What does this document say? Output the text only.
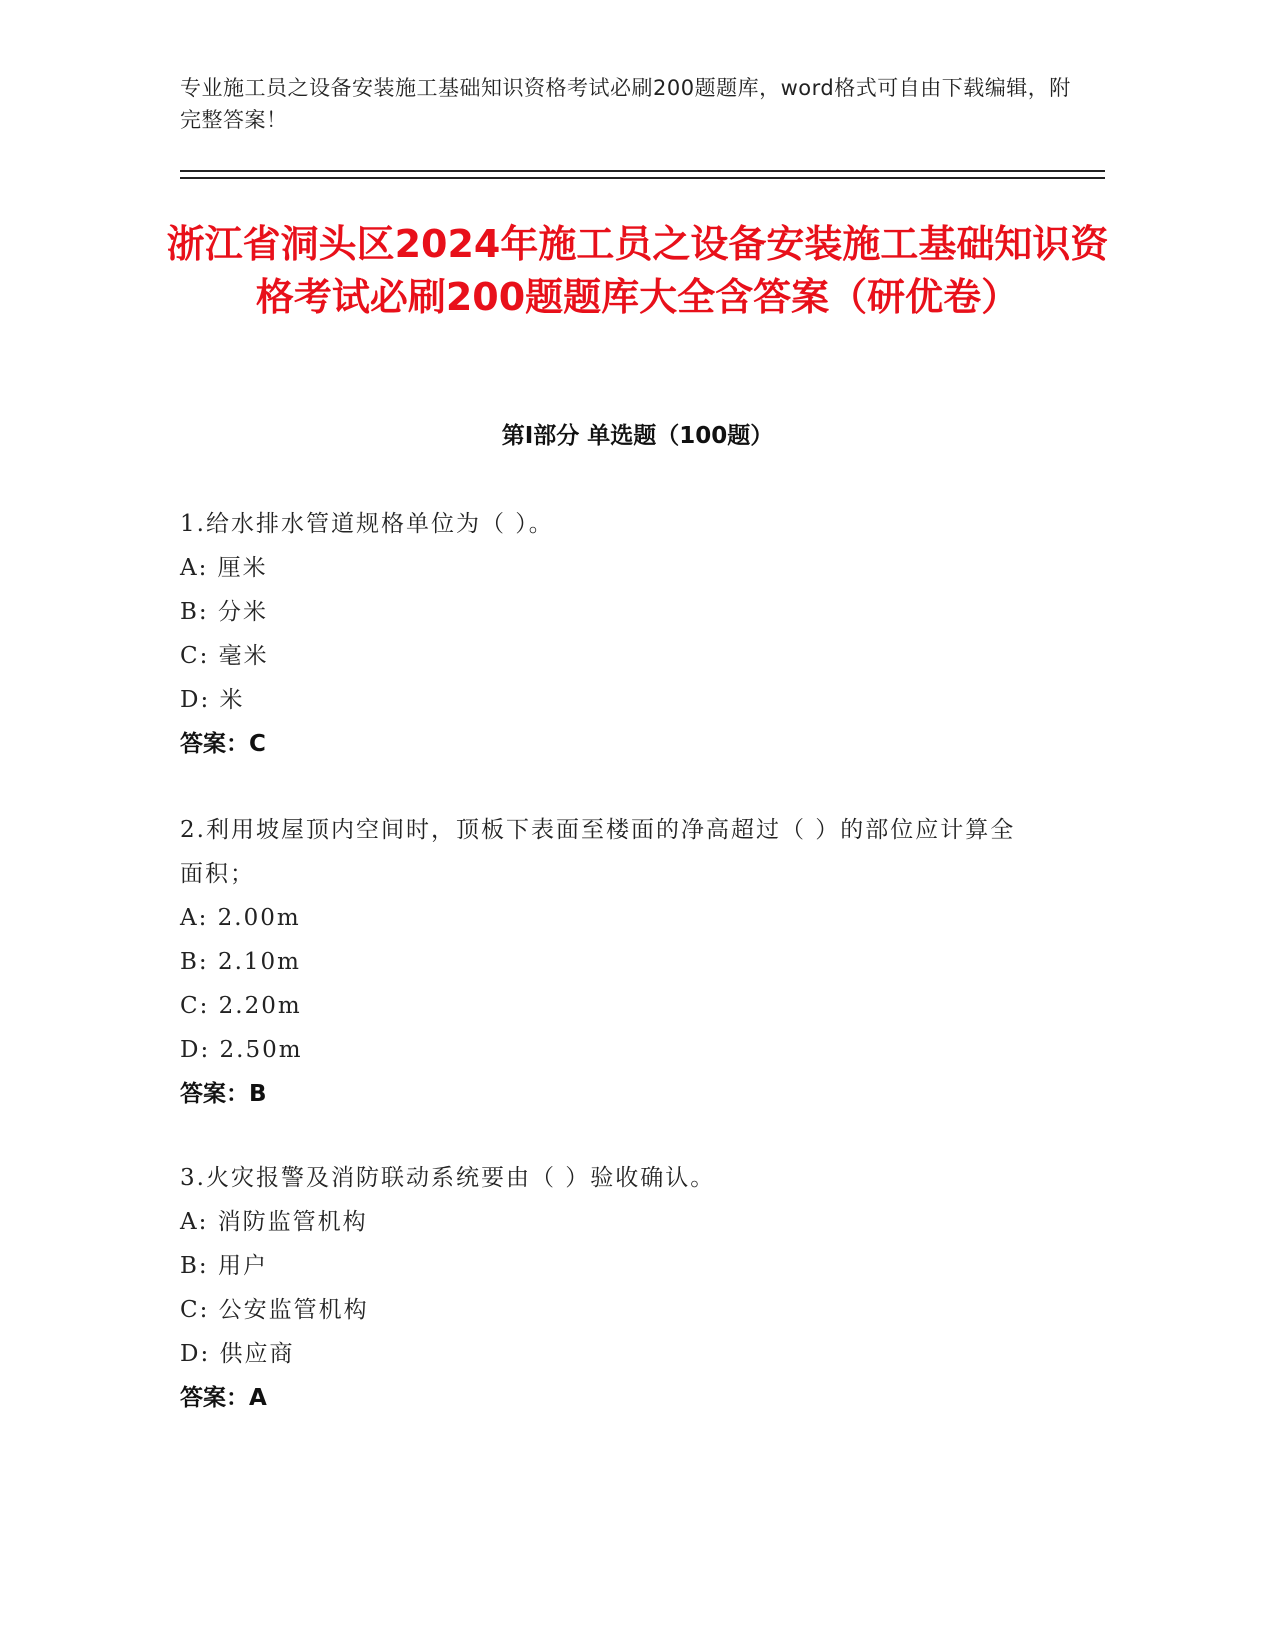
专业施工员之设备安装施工基础知识资格考试必刷200题题库，word格式可自由下载编辑，附完整答案！
浙江省洞头区2024年施工员之设备安装施工基础知识资格考试必刷200题题库大全含答案（研优卷）
第I部分 单选题（100题）
1.给水排水管道规格单位为（ ）。
A: 厘米
B: 分米
C: 毫米
D: 米
答案：C
2.利用坡屋顶内空间时，顶板下表面至楼面的净高超过（ ）的部位应计算全面积；
A: 2.00m
B: 2.10m
C: 2.20m
D: 2.50m
答案：B
3.火灾报警及消防联动系统要由（ ）验收确认。
A: 消防监管机构
B: 用户
C: 公安监管机构
D: 供应商
答案：A
